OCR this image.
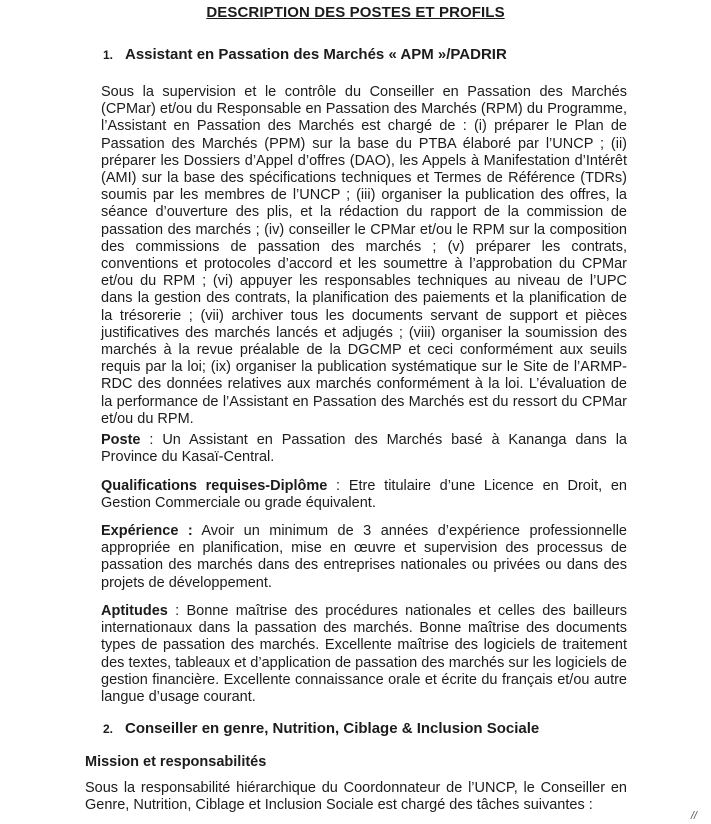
DESCRIPTION DES POSTES ET PROFILS
1. Assistant en Passation des Marchés « APM »/PADRIR

Sous la supervision et le contrôle du Conseiller en Passation des Marchés (CPMar) et/ou du Responsable en Passation des Marchés (RPM) du Programme, l’Assistant en Passation des Marchés est chargé de : (i) préparer le Plan de Passation des Marchés (PPM) sur la base du PTBA élaboré par l’UNCP ; (ii) préparer les Dossiers d’Appel d’offres (DAO), les Appels à Manifestation d’Intérêt (AMI) sur la base des spécifications techniques et Termes de Référence (TDRs) soumis par les membres de l’UNCP ; (iii) organiser la publication des offres, la séance d’ouverture des plis, et la rédaction du rapport de la commission de passation des marchés ; (iv) conseiller le CPMar et/ou le RPM sur la composition des commissions de passation des marchés ; (v) préparer les contrats, conventions et protocoles d’accord et les soumettre à l’approbation du CPMar et/ou du RPM ; (vi) appuyer les responsables techniques au niveau de l’UPC dans la gestion des contrats, la planification des paiements et la planification de la trésorerie ; (vii) archiver tous les documents servant de support et pièces justificatives des marchés lancés et adjugés ; (viii) organiser la soumission des marchés à la revue préalable de la DGCMP et ceci conformément aux seuils requis par la loi; (ix) organiser la publication systématique sur le Site de l’ARMP-RDC des données relatives aux marchés conformément à la loi. L’évaluation de la performance de l’Assistant en Passation des Marchés est du ressort du CPMar et/ou du RPM.

Poste : Un Assistant en Passation des Marchés basé à Kananga dans la Province du Kasaï-Central.

Qualifications requises-Diplôme : Etre titulaire d’une Licence en Droit, en Gestion Commerciale ou grade équivalent.

Expérience : Avoir un minimum de 3 années d’expérience professionnelle appropriée en planification, mise en œuvre et supervision des processus de passation des marchés dans des entreprises nationales ou privées ou dans des projets de développement.

Aptitudes : Bonne maîtrise des procédures nationales et celles des bailleurs internationaux dans la passation des marchés. Bonne maîtrise des documents types de passation des marchés. Excellente maîtrise des logiciels de traitement des textes, tableaux et d’application de passation des marchés sur les logiciels de gestion financière. Excellente connaissance orale et écrite du français et/ou autre langue d’usage courant.

2. Conseiller en genre, Nutrition, Ciblage & Inclusion Sociale

Mission et responsabilités

Sous la responsabilité hiérarchique du Coordonnateur de l’UNCP, le Conseiller en Genre, Nutrition, Ciblage et Inclusion Sociale est chargé des tâches suivantes :

//
